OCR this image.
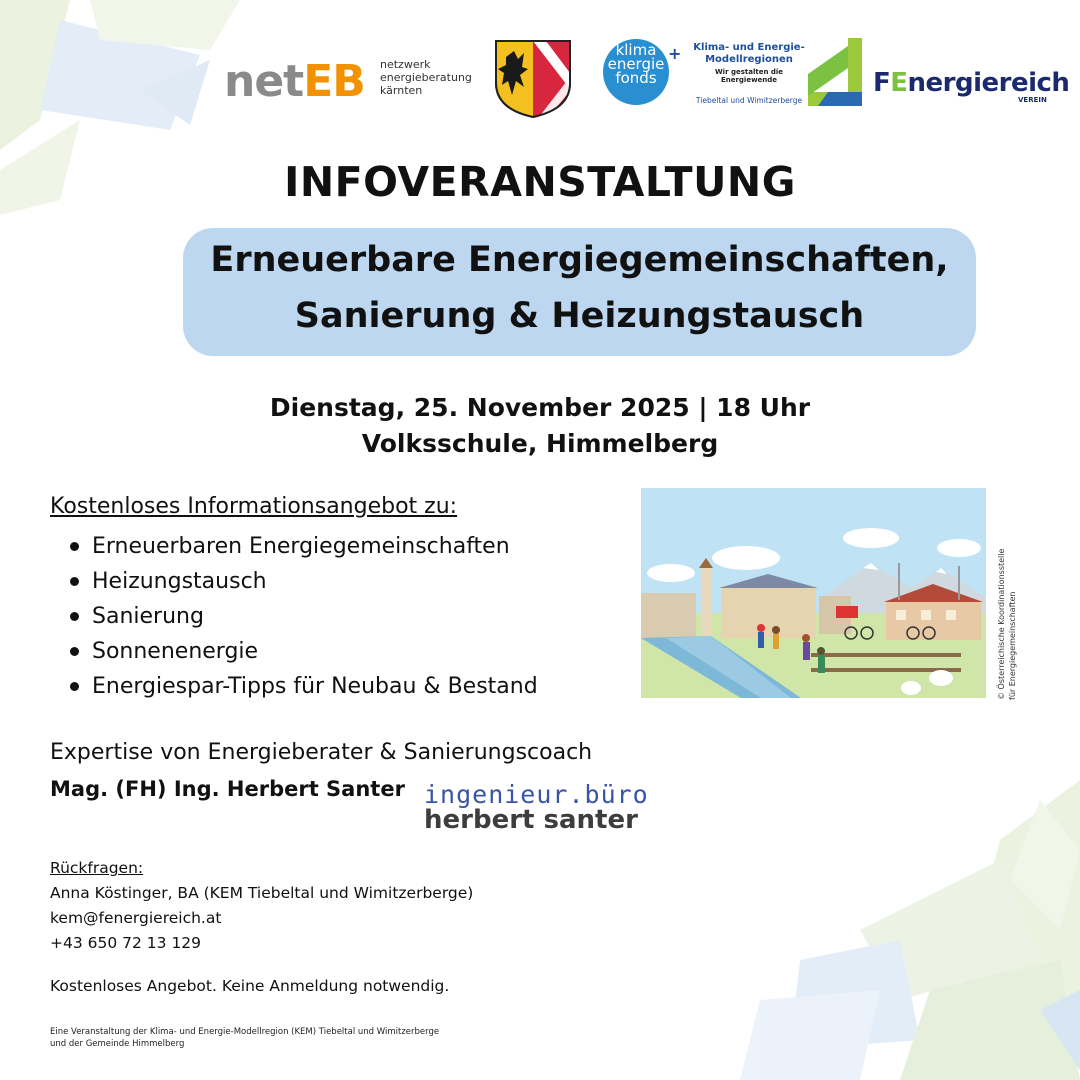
netEB netzwerk
energieberatung
kärnten
klima
energie
fonds
+	Klima- und Energie-
Modellregionen
Wir gestalten die Energiewende
Tiebeltal und Wimitzerberge
FEnergiereich
VEREIN
INFOVERANSTALTUNG
Erneuerbare Energiegemeinschaften,
Sanierung & Heizungstausch
Dienstag, 25. November 2025 | 18 Uhr
Volksschule, Himmelberg
Kostenloses Informationsangebot zu:
Erneuerbaren Energiegemeinschaften
Heizungstausch
Sanierung
Sonnenenergie
Energiespar-Tipps für Neubau & Bestand	© Österreichische Koordinationsstelle für Energiegemeinschaften
Expertise von Energieberater & Sanierungscoach
Mag. (FH) Ing. Herbert Santer ingenieur.büro
herbert santer
Rückfragen:
Anna Köstinger, BA (KEM Tiebeltal und Wimitzerberge)
kem@fenergiereich.at
+43 650 72 13 129
Kostenloses Angebot. Keine Anmeldung notwendig.
Eine Veranstaltung der Klima- und Energie-Modellregion (KEM) Tiebeltal und Wimitzerberge
und der Gemeinde Himmelberg
